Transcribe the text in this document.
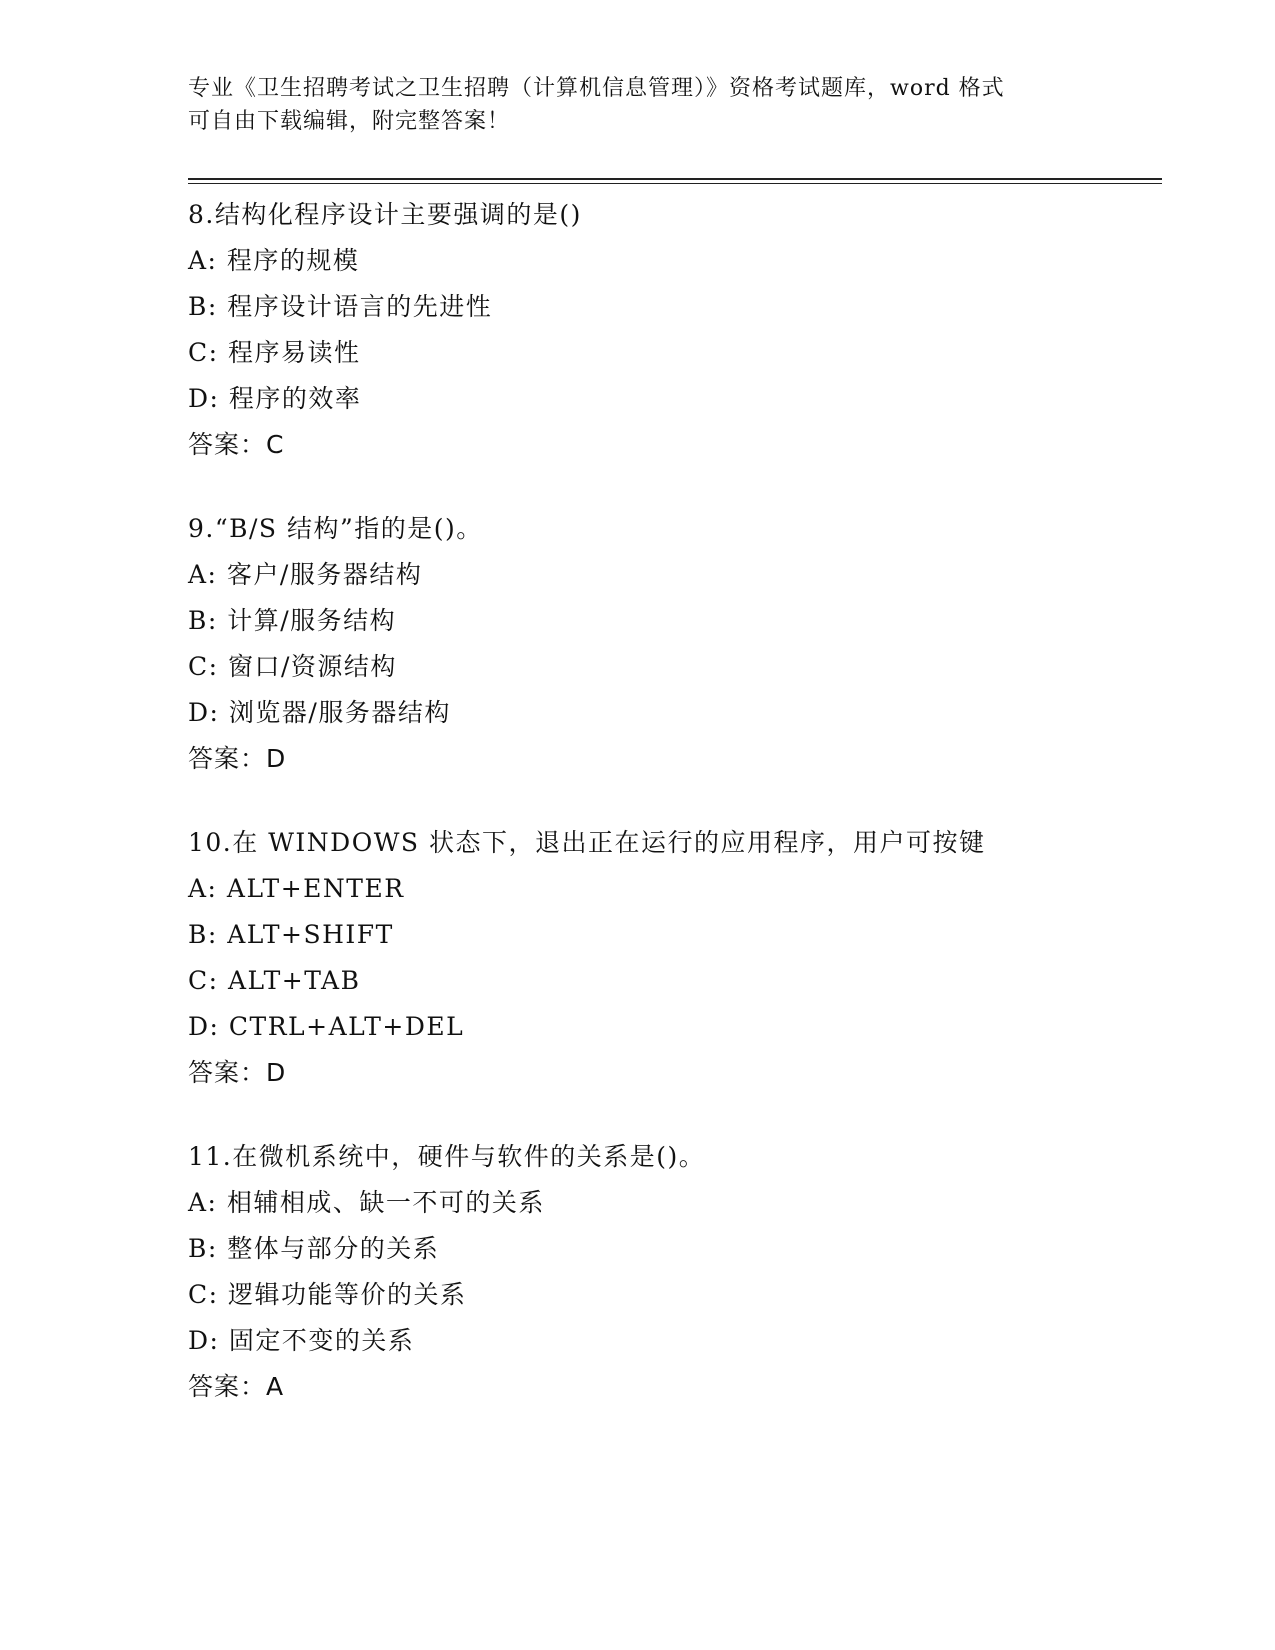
专业《卫生招聘考试之卫生招聘（计算机信息管理）》资格考试题库，word 格式
可自由下载编辑，附完整答案！
8.结构化程序设计主要强调的是()
A: 程序的规模
B: 程序设计语言的先进性
C: 程序易读性
D: 程序的效率
答案：C
9.“B/S 结构”指的是()。
A: 客户/服务器结构
B: 计算/服务结构
C: 窗口/资源结构
D: 浏览器/服务器结构
答案：D
10.在 WINDOWS 状态下，退出正在运行的应用程序，用户可按键
A: ALT+ENTER
B: ALT+SHIFT
C: ALT+TAB
D: CTRL+ALT+DEL
答案：D
11.在微机系统中，硬件与软件的关系是()。
A: 相辅相成、缺一不可的关系
B: 整体与部分的关系
C: 逻辑功能等价的关系
D: 固定不变的关系
答案：A
